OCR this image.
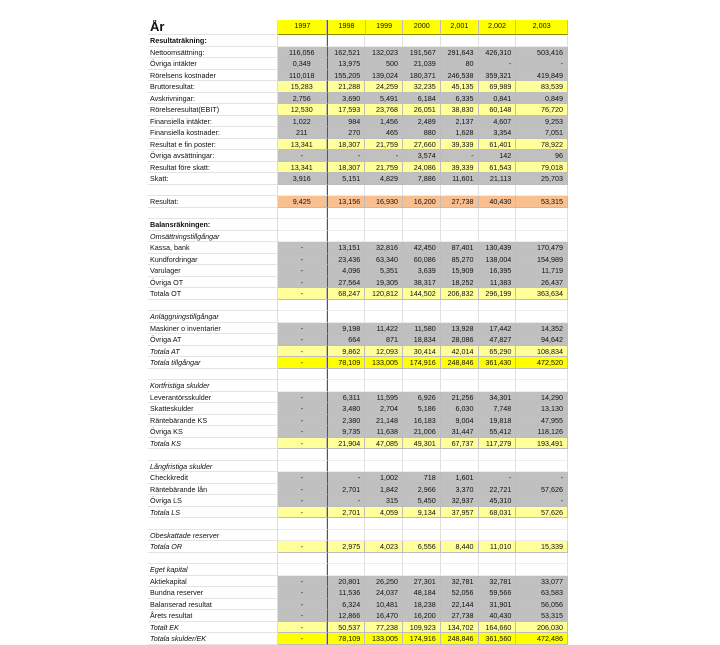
År	1997	1998	1999	2000	2,001	2,002	2,003
Resultaträkning:
Nettoomsättning:	116,056	162,521	132,023	191,567	291,643	426,310	503,416
Övriga intäkter	0,349	13,975	500	21,039	80	-	-
Rörelsens kostnader	110,018	155,205	139,024	180,371	246,538	359,321	419,849
Bruttoresultat:	15,283	21,288	24,259	32,235	45,135	69,989	83,539
Avskrivningar:	2,756	3,690	5,491	6,184	6,335	0,841	0,849
Rörelseresultat(EBIT)	12,530	17,593	23,768	26,051	38,830	60,148	76,720
Finansiella intäkter:	1,022	984	1,456	2,489	2,137	4,607	9,253
Finansiella kostnader:	211	270	465	880	1,628	3,354	7,051
Resultat e fin poster:	13,341	18,307	21,759	27,660	39,339	61,401	78,922
Övriga avsättningar:	-	-	-	3,574	-	142	96
Resultat före skatt:	13,341	18,307	21,759	24,086	39,339	61,543	79,018
Skatt:	3,916	5,151	4,829	7,886	11,601	21,113	25,703
Resultat:	9,425	13,156	16,930	16,200	27,738	40,430	53,315
Balansräkningen:
Omsättningstillgångar
Kassa, bank	-	13,151	32,816	42,450	87,401	130,439	170,479
Kundfordringar	-	23,436	63,340	60,086	85,270	138,004	154,989
Varulager	-	4,096	5,351	3,639	15,909	16,395	11,719
Övriga OT	-	27,564	19,305	38,317	18,252	11,383	26,437
Totala OT	-	68,247	120,812	144,502	206,832	296,199	363,634
Anläggningstillgångar
Maskiner o inventarier	-	9,198	11,422	11,580	13,928	17,442	14,352
Övriga AT	-	664	871	18,834	28,086	47,827	94,642
Totala AT	-	9,862	12,093	30,414	42,014	65,290	108,834
Totala tillgångar	-	78,109	133,005	174,916	248,846	361,430	472,520
Kortfristiga skulder
Leverantörsskulder	-	6,311	11,595	6,926	21,256	34,301	14,290
Skatteskulder	-	3,480	2,704	5,186	6,030	7,748	13,130
Räntebärande KS	-	2,380	21,148	16,183	9,004	19,818	47,955
Övriga KS	-	9,735	11,638	21,006	31,447	55,412	118,126
Totala KS	-	21,904	47,085	49,301	67,737	117,279	193,491
Långfristiga skulder
Checkkredit	-	-	1,002	718	1,601	-	-
Räntebärande lån	-	2,701	1,842	2,966	3,370	22,721	57,626
Övriga LS	-	-	315	5,450	32,937	45,310	-
Totala LS	-	2,701	4,059	9,134	37,957	68,031	57,626
Obeskattade reserver
Totala OR	-	2,975	4,023	6,556	8,440	11,010	15,339
Eget kapital
Aktiekapital	-	20,801	26,250	27,301	32,781	32,781	33,077
Bundna reserver	-	11,536	24,037	48,184	52,056	59,566	63,583
Balanserad resultat	-	6,324	10,481	18,238	22,144	31,901	56,056
Årets resultat	-	12,866	16,470	16,200	27,738	40,430	53,315
Totalt EK	-	50,537	77,238	109,923	134,702	164,660	206,030
Totala skulder/EK	-	78,109	133,005	174,916	248,846	361,560	472,486
